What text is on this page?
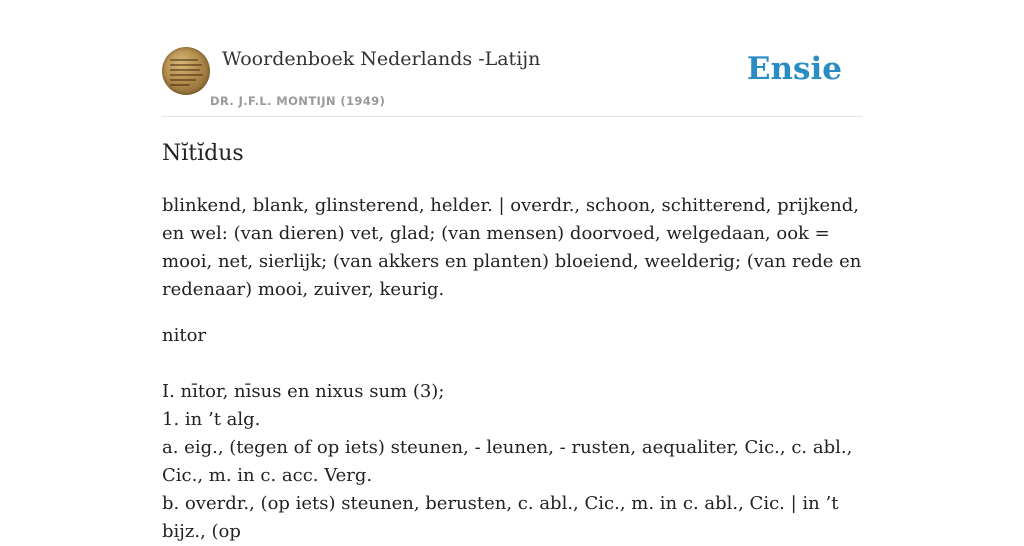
Woordenboek Nederlands -Latijn
DR. J.F.L. MONTIJN (1949)
Ensie
Nĭtĭdus

blinkend, blank, glinsterend, helder. | overdr., schoon, schitterend, prijkend, en wel: (van dieren) vet, glad; (van mensen) doorvoed, welgedaan, ook = mooi, net, sierlijk; (van akkers en planten) bloeiend, weelderig; (van rede en redenaar) mooi, zuiver, keurig.

nitor
I. nītor, nīsus en nixus sum (3);
1. in ’t alg.
a. eig., (tegen of op iets) steunen, - leunen, - rusten, aequaliter, Cic., c. abl., Cic., m. in c. acc. Verg.
b. overdr., (op iets) steunen, berusten, c. abl., Cic., m. in c. abl., Cic. | in ’t bijz., (op
